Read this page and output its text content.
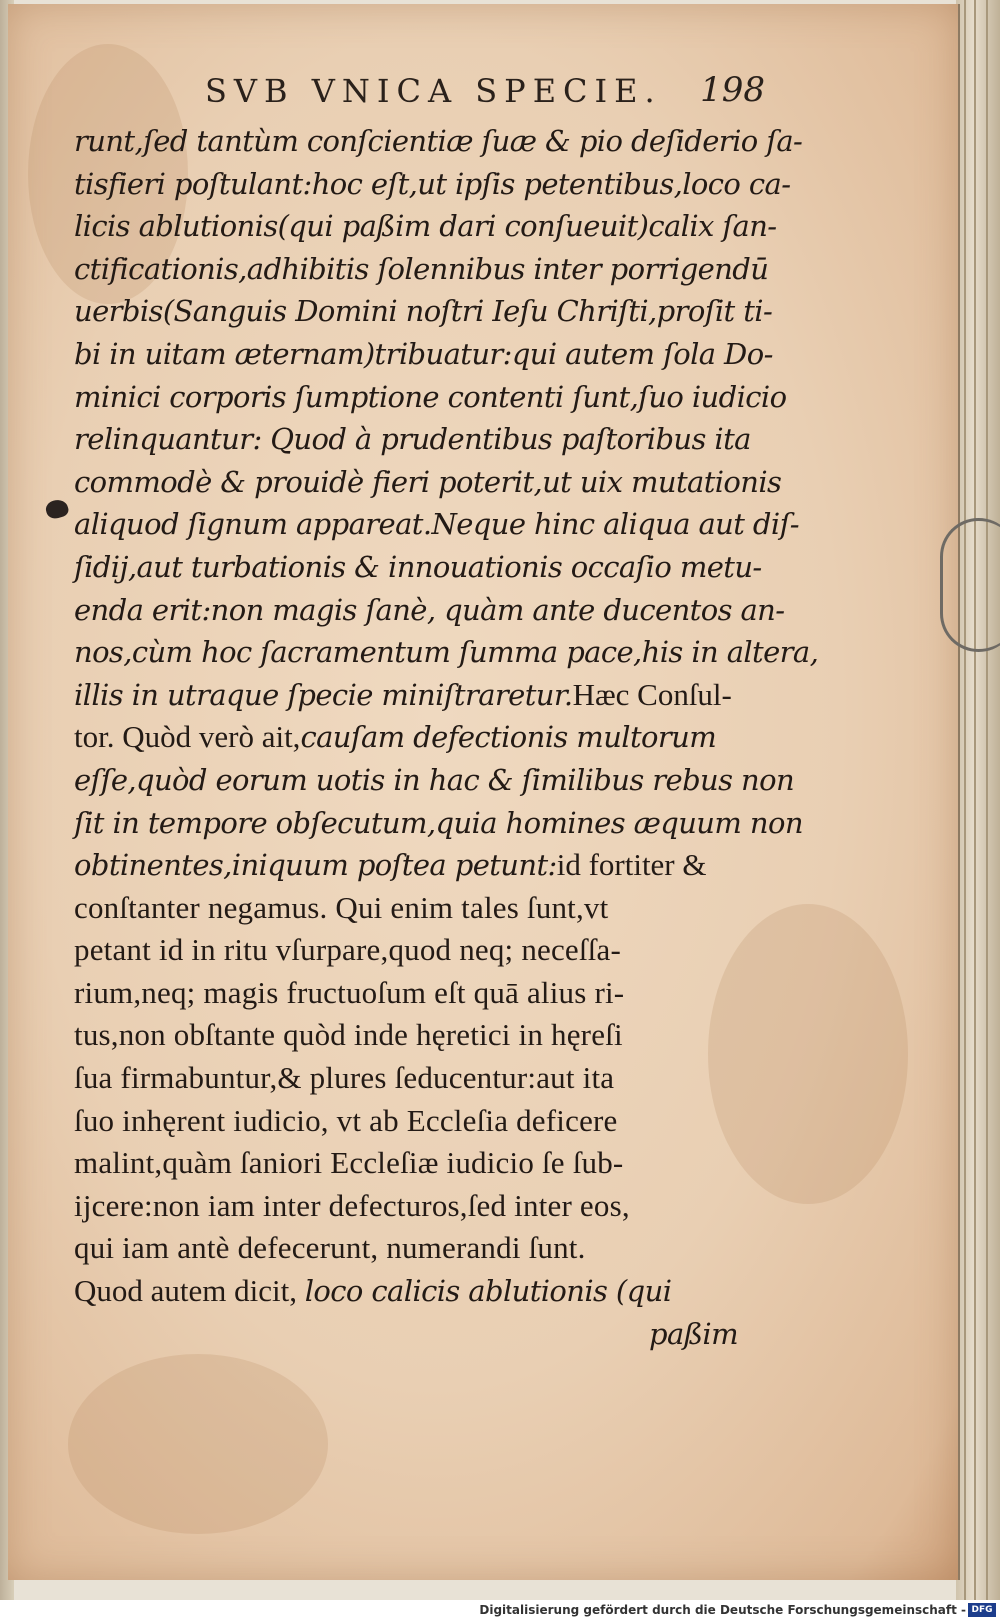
SVB VNICA SPECIE. 198
runt,ſed tantùm conſcientiæ ſuæ & pio deſiderio ſa-
tisfieri poſtulant:hoc eſt,ut ipſis petentibus,loco ca-
licis ablutionis(qui paßim dari conſueuit)calix ſan-
ctificationis,adhibitis ſolennibus inter porrigendū
uerbis(Sanguis Domini noſtri Ieſu Chriſti,proſit ti-
bi in uitam æternam)tribuatur:qui autem ſola Do-
minici corporis ſumptione contenti ſunt,ſuo iudicio
relinquantur: Quod à prudentibus paſtoribus ita
commodè & prouidè fieri poterit,ut uix mutationis
aliquod ſignum appareat.Neque hinc aliqua aut diſ-
ſidij,aut turbationis & innouationis occaſio metu-
enda erit:non magis ſanè, quàm ante ducentos an-
nos,cùm hoc ſacramentum ſumma pace,his in altera,
illis in utraque ſpecie miniſtraretur.Hæc Conſul-
tor. Quòd verò ait,cauſam defectionis multorum
eſſe,quòd eorum uotis in hac & ſimilibus rebus non
ſit in tempore obſecutum,quia homines æquum non
obtinentes,iniquum poſtea petunt:id fortiter &
conſtanter negamus. Qui enim tales ſunt,vt
petant id in ritu vſurpare,quod neq; neceſſa-
rium,neq; magis fructuoſum eſt quā alius ri-
tus,non obſtante quòd inde hęretici in hęreſi
ſua firmabuntur,& plures ſeducentur:aut ita
ſuo inhęrent iudicio, vt ab Eccleſia deficere
malint,quàm ſaniori Eccleſiæ iudicio ſe ſub-
ijcere:non iam inter defecturos,ſed inter eos,
qui iam antè defecerunt, numerandi ſunt.
Quod autem dicit, loco calicis ablutionis (qui
paßim
Digitalisierung gefördert durch die Deutsche Forschungsgemeinschaft - DFG
